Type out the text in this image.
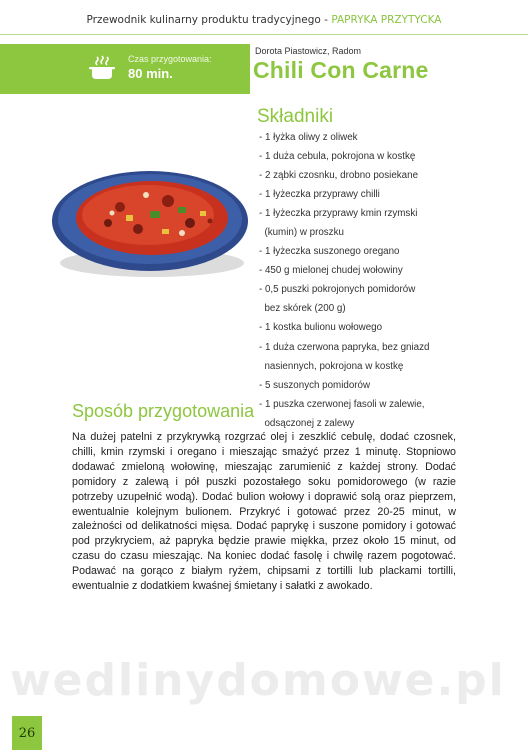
Przewodnik kulinarny produktu tradycyjnego - PAPRYKA PRZYTYCKA
Czas przygotowania:
80 min.
Dorota Piastowicz, Radom
Chili Con Carne
Składniki
- 1 łyżka oliwy z oliwek
- 1 duża cebula, pokrojona w kostkę
- 2 ząbki czosnku, drobno posiekane
- 1 łyżeczka przyprawy chilli
- 1 łyżeczka przyprawy kmin rzymski
(kumin) w proszku
- 1 łyżeczka suszonego oregano
- 450 g mielonej chudej wołowiny
- 0,5 puszki pokrojonych pomidorów
bez skórek (200 g)
- 1 kostka bulionu wołowego
- 1 duża czerwona papryka, bez gniazd
nasiennych, pokrojona w kostkę
- 5 suszonych pomidorów
- 1 puszka czerwonej fasoli w zalewie,
odsączonej z zalewy
Sposób przygotowania

Na dużej patelni z przykrywką rozgrzać olej i zeszklić cebulę, dodać czosnek, chilli, kmin rzymski i oregano i mieszając smażyć przez 1 minutę. Stopniowo dodawać zmieloną wołowinę, mieszając zarumienić z każdej strony. Dodać pomidory z zalewą i pół puszki pozostałego soku pomidorowego (w razie potrzeby uzupełnić wodą). Dodać bulion wołowy i doprawić solą oraz pieprzem, ewentualnie kolejnym bulionem. Przykryć i gotować przez 20-25 minut, w zależności od delikatności mięsa. Dodać paprykę i suszone pomidory i gotować pod przykryciem, aż papryka będzie prawie miękka, przez około 15 minut, od czasu do czasu mieszając. Na koniec dodać fasolę i chwilę razem pogotować. Podawać na gorąco z białym ryżem, chipsami z tortilli lub plackami tortilli, ewentualnie z dodatkiem kwaśnej śmietany i sałatki z awokado.

wedlinydomowe.pl
26
